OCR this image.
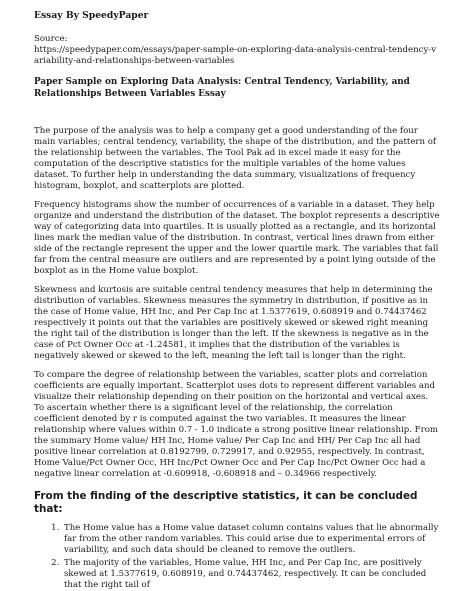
Essay By SpeedyPaper

Source:

https://speedypaper.com/essays/paper-sample-on-exploring-data-analysis-central-tendency-variability-and-relationships-between-variables

Paper Sample on Exploring Data Analysis: Central Tendency, Variability, and Relationships Between Variables Essay

The purpose of the analysis was to help a company get a good understanding of the four main variables; central tendency, variability, the shape of the distribution, and the pattern of the relationship between the variables. The Tool Pak ad in excel made it easy for the computation of the descriptive statistics for the multiple variables of the home values dataset. To further help in understanding the data summary, visualizations of frequency histogram, boxplot, and scatterplots are plotted.

Frequency histograms show the number of occurrences of a variable in a dataset. They help organize and understand the distribution of the dataset. The boxplot represents a descriptive way of categorizing data into quartiles. It is usually plotted as a rectangle, and its horizontal lines mark the median value of the distribution. In contrast, vertical lines drawn from either side of the rectangle represent the upper and the lower quartile mark. The variables that fall far from the central measure are outliers and are represented by a point lying outside of the boxplot as in the Home value boxplot.

Skewness and kurtosis are suitable central tendency measures that help in determining the distribution of variables. Skewness measures the symmetry in distribution, if positive as in the case of Home value, HH Inc, and Per Cap Inc at 1.5377619, 0.608919 and 0.74437462 respectively it points out that the variables are positively skewed or skewed right meaning the right tail of the distribution is longer than the left. If the skewness is negative as in the case of Pct Owner Occ at -1.24581, it implies that the distribution of the variables is negatively skewed or skewed to the left, meaning the left tail is longer than the right.

To compare the degree of relationship between the variables, scatter plots and correlation coefficients are equally important. Scatterplot uses dots to represent different variables and visualize their relationship depending on their position on the horizontal and vertical axes. To ascertain whether there is a significant level of the relationship, the correlation coefficient denoted by r is computed against the two variables. It measures the linear relationship where values within 0.7 - 1.0 indicate a strong positive linear relationship. From the summary Home value/ HH Inc, Home value/ Per Cap Inc and HH/ Per Cap Inc all had positive linear correlation at 0.8192799, 0.729917, and 0.92955, respectively. In contrast, Home Value/Pct Owner Occ, HH Inc/Pct Owner Occ and Per Cap Inc/Pct Owner Occ had a negative linear correlation at -0.609918, -0.608918 and – 0.34966 respectively.

From the finding of the descriptive statistics, it can be concluded that:
1. The Home value has a Home value dataset column contains values that lie abnormally far from the other random variables. This could arise due to experimental errors of variability, and such data should be cleaned to remove the outliers.
2. The majority of the variables, Home value, HH Inc, and Per Cap Inc, are positively skewed at 1.5377619, 0.608919, and 0.74437462, respectively. It can be concluded that the right tail of
